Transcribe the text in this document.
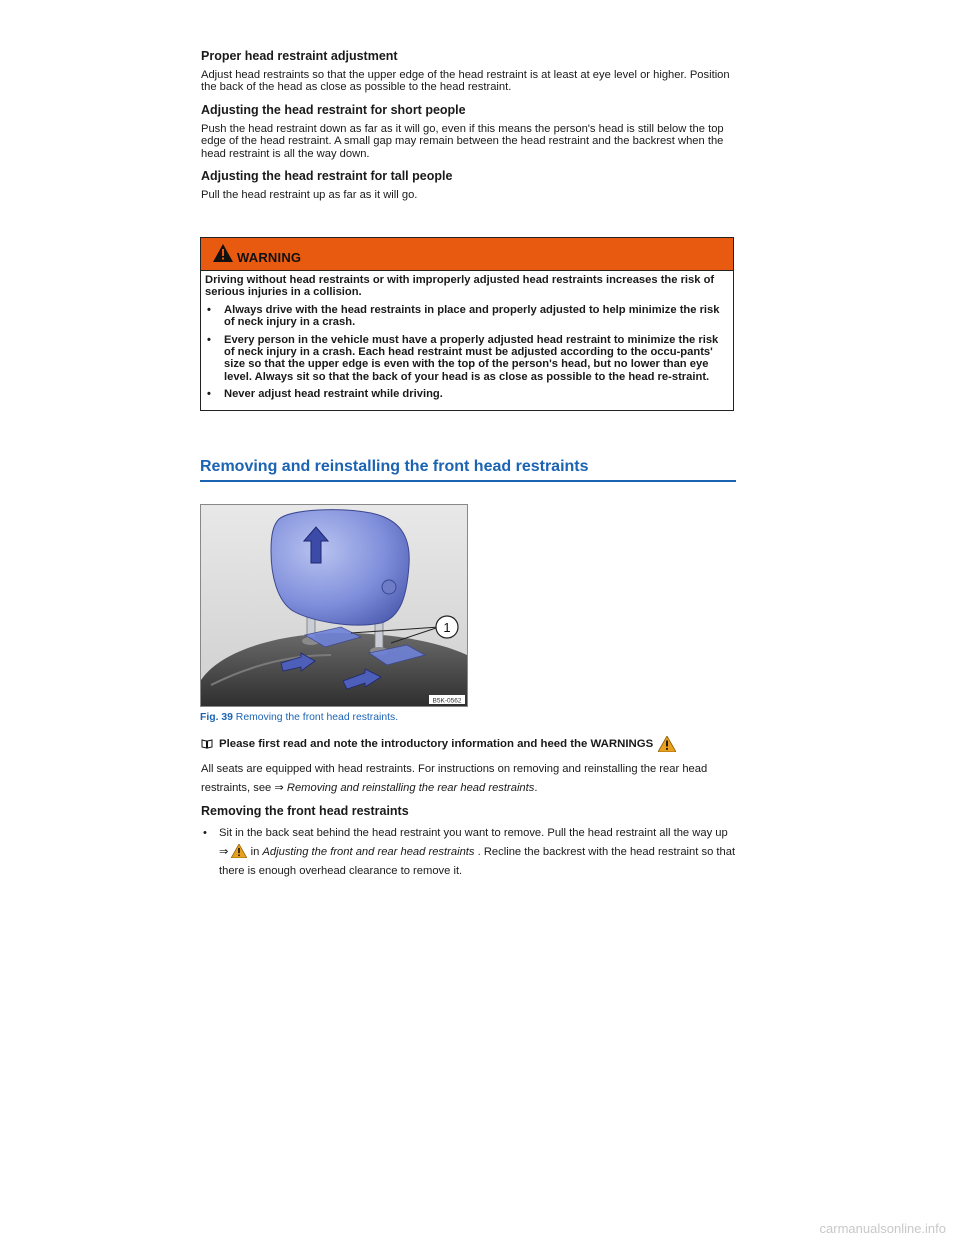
Proper head restraint adjustment
Adjust head restraints so that the upper edge of the head restraint is at least at eye level or higher. Position the back of the head as close as possible to the head restraint.
Adjusting the head restraint for short people
Push the head restraint down as far as it will go, even if this means the person's head is still below the top edge of the head restraint. A small gap may remain between the head restraint and the backrest when the head restraint is all the way down.
Adjusting the head restraint for tall people
Pull the head restraint up as far as it will go.
WARNING
Driving without head restraints or with improperly adjusted head restraints increases the risk of serious injuries in a collision.
•	Always drive with the head restraints in place and properly adjusted to help minimize the risk of neck injury in a crash.
•	Every person in the vehicle must have a properly adjusted head restraint to minimize the risk of neck injury in a crash. Each head restraint must be adjusted according to the occu-pants' size so that the upper edge is even with the top of the person's head, but no lower than eye level. Always sit so that the back of your head is as close as possible to the head re-straint.
•	Never adjust head restraint while driving.
Removing and reinstalling the front head restraints
1
B5K-0562
Fig. 39 Removing the front head restraints.
Please first read and note the introductory information and heed the WARNINGS
All seats are equipped with head restraints. For instructions on removing and reinstalling the rear head restraints, see ⇒ Removing and reinstalling the rear head restraints.
Removing the front head restraints
•	Sit in the back seat behind the head restraint you want to remove. Pull the head restraint all the way up ⇒  in Adjusting the front and rear head restraints . Recline the backrest with the head restraint so that there is enough overhead clearance to remove it.
carmanualsonline.info
